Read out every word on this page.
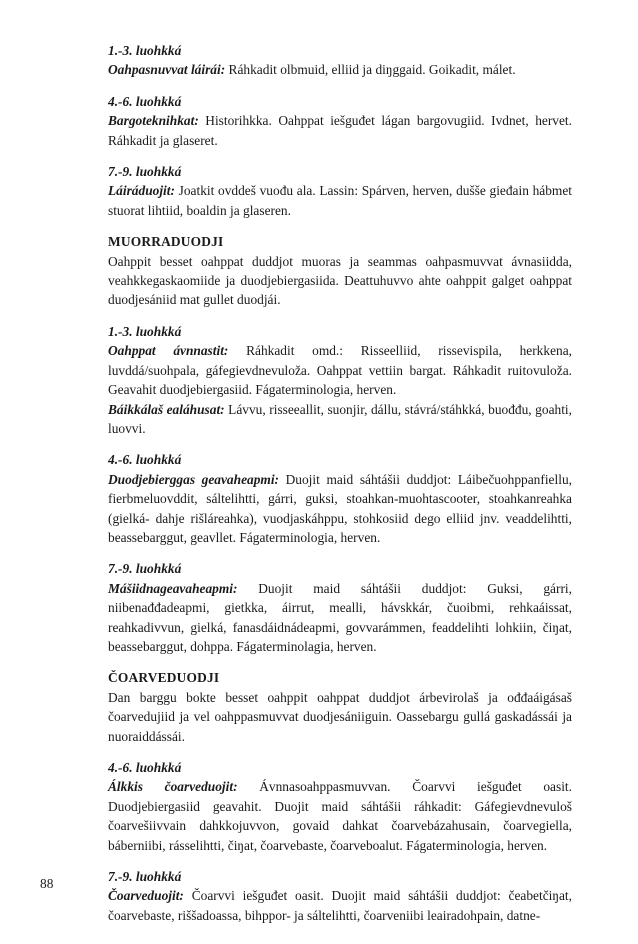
1.-3. luohkká
Oahpasnuvvat láirái: Ráhkadit olbmuid, elliid ja diŋggaid. Goikadit, málet.
4.-6. luohkká
Bargoteknihkat: Historihkka. Oahppat iešguđet lágan bargovugiid. Ivdnet, hervet. Ráhkadit ja glaseret.
7.-9. luohkká
Láiráduojit: Joatkit ovddeš vuođu ala. Lassin: Spárven, herven, dušše gieđain hábmet stuorat lihtiid, boaldin ja glaseren.
MUORRADUODJI
Oahppit besset oahppat duddjot muoras ja seammas oahpasmuvvat ávnasiidda, veahkkegaskaomiide ja duodjebiergasiida. Deattuhuvvo ahte oahppit galget oahppat duodjesániid mat gullet duodjái.
1.-3. luohkká
Oahppat ávnnastit: Ráhkadit omd.: Risseelliid, rissevispila, herkkena, luvddá/suohpala, gáfegievdnevuloža. Oahppat vettiin bargat. Ráhkadit ruitovuloža. Geavahit duodjebiergasiid. Fágaterminologia, herven.
Báikkálaš ealáhusat: Lávvu, risseeallit, suonjir, dállu, stávrá/stáhkká, buođđu, goahti, luovvi.
4.-6. luohkká
Duodjebierggas geavaheapmi: Duojit maid sáhtášii duddjot: Láibečuohppanfiellu, fierbmeluovddit, sáltelihtti, gárri, guksi, stoahkan-muohtascooter, stoahkanreahka (gielká- dahje rišláreahka), vuodjaskáhppu, stohkosiid dego elliid jnv. veaddelihtti, beassebarggut, geavllet. Fágaterminologia, herven.
7.-9. luohkká
Mášiidnageavaheapmi: Duojit maid sáhtášii duddjot: Guksi, gárri, niibenađđadeapmi, gietkka, áirrut, mealli, hávskkár, čuoibmi, rehkaáissat, reahkadivvun, gielká, fanasdáidnádeapmi, govvarámmen, feaddelihti lohkiin, čiŋat, beassebarggut, dohppa. Fágaterminolagia, herven.
ČOARVEDUODJI
Dan barggu bokte besset oahppit oahppat duddjot árbevirolaš ja ođđaáigásaš čoarvedujiid ja vel oahppasmuvvat duodjesániiguin. Oassebargu gullá gaskadássái ja nuoraiddássái.
4.-6. luohkká
Álkkis čoarveduojit: Ávnnasoahppasmuvvan. Čoarvvi iešguđet oasit. Duodjebiergasiid geavahit. Duojit maid sáhtášii ráhkadit: Gáfegievdnevuloš čoarvešiivvain dahkkojuvvon, govaid dahkat čoarvebázahusain, čoarvegiella, báberniibi, rásselihtti, čiŋat, čoarvebaste, čoarveboalut. Fágaterminologia, herven.
7.-9. luohkká
Čoarveduojit: Čoarvvi iešguđet oasit. Duojit maid sáhtášii duddjot: čeabetčiŋat, čoarvebaste, riššadoassa, bihppor- ja sáltelihtti, čoarveniibi leairadohpain, datne-
88
